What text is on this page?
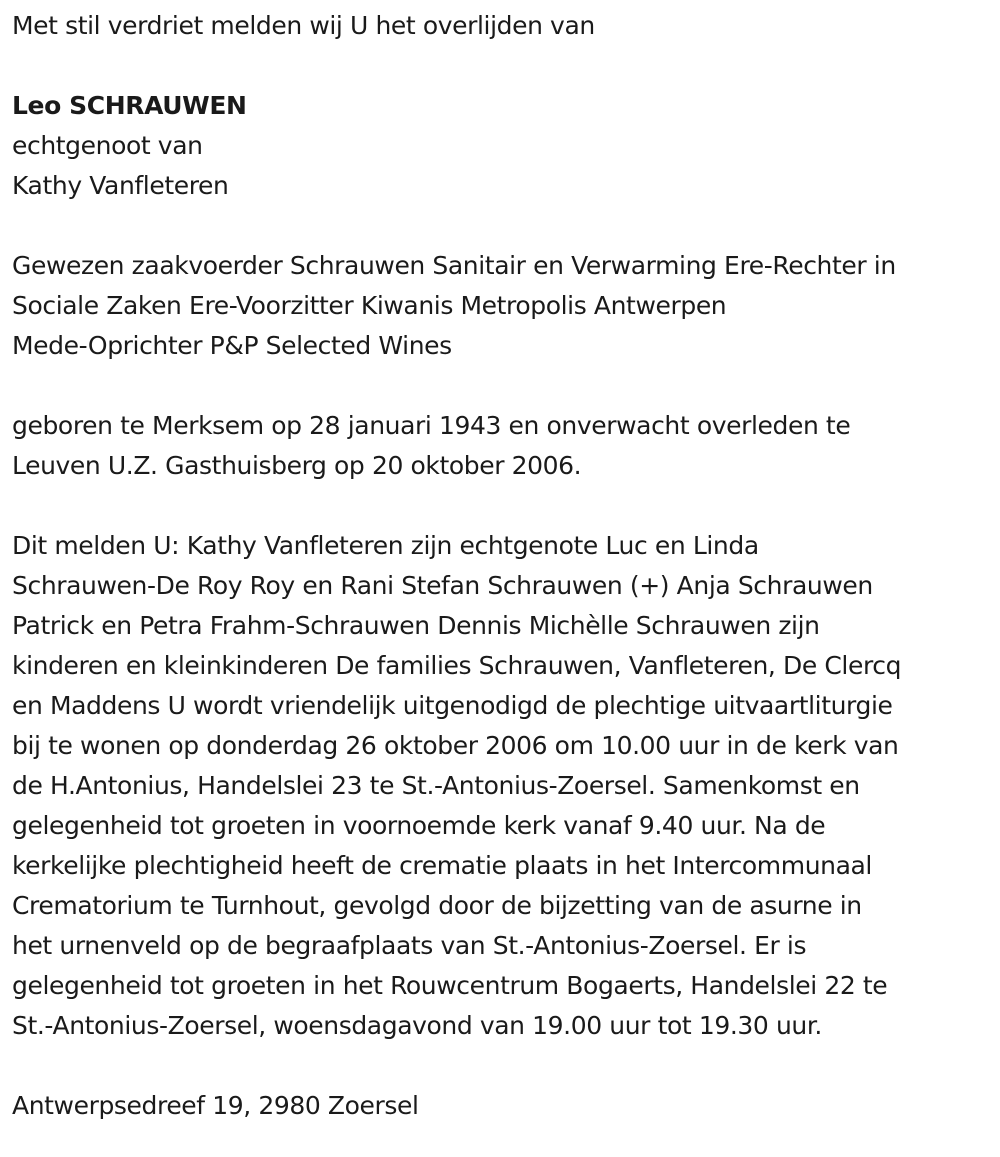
Met stil verdriet melden wij U het overlijden van
Leo SCHRAUWEN
echtgenoot van
Kathy Vanfleteren
Gewezen zaakvoerder Schrauwen Sanitair en Verwarming Ere-Rechter in
Sociale Zaken Ere-Voorzitter Kiwanis Metropolis Antwerpen
Mede-Oprichter P&P Selected Wines
geboren te Merksem op 28 januari 1943 en onverwacht overleden te
Leuven U.Z. Gasthuisberg op 20 oktober 2006.
Dit melden U: Kathy Vanfleteren zijn echtgenote Luc en Linda
Schrauwen-De Roy Roy en Rani Stefan Schrauwen (+) Anja Schrauwen
Patrick en Petra Frahm-Schrauwen Dennis Michèlle Schrauwen zijn
kinderen en kleinkinderen De families Schrauwen, Vanfleteren, De Clercq
en Maddens U wordt vriendelijk uitgenodigd de plechtige uitvaartliturgie
bij te wonen op donderdag 26 oktober 2006 om 10.00 uur in de kerk van
de H.Antonius, Handelslei 23 te St.-Antonius-Zoersel. Samenkomst en
gelegenheid tot groeten in voornoemde kerk vanaf 9.40 uur. Na de
kerkelijke plechtigheid heeft de crematie plaats in het Intercommunaal
Crematorium te Turnhout, gevolgd door de bijzetting van de asurne in
het urnenveld op de begraafplaats van St.-Antonius-Zoersel. Er is
gelegenheid tot groeten in het Rouwcentrum Bogaerts, Handelslei 22 te
St.-Antonius-Zoersel, woensdagavond van 19.00 uur tot 19.30 uur.
Antwerpsedreef 19, 2980 Zoersel
